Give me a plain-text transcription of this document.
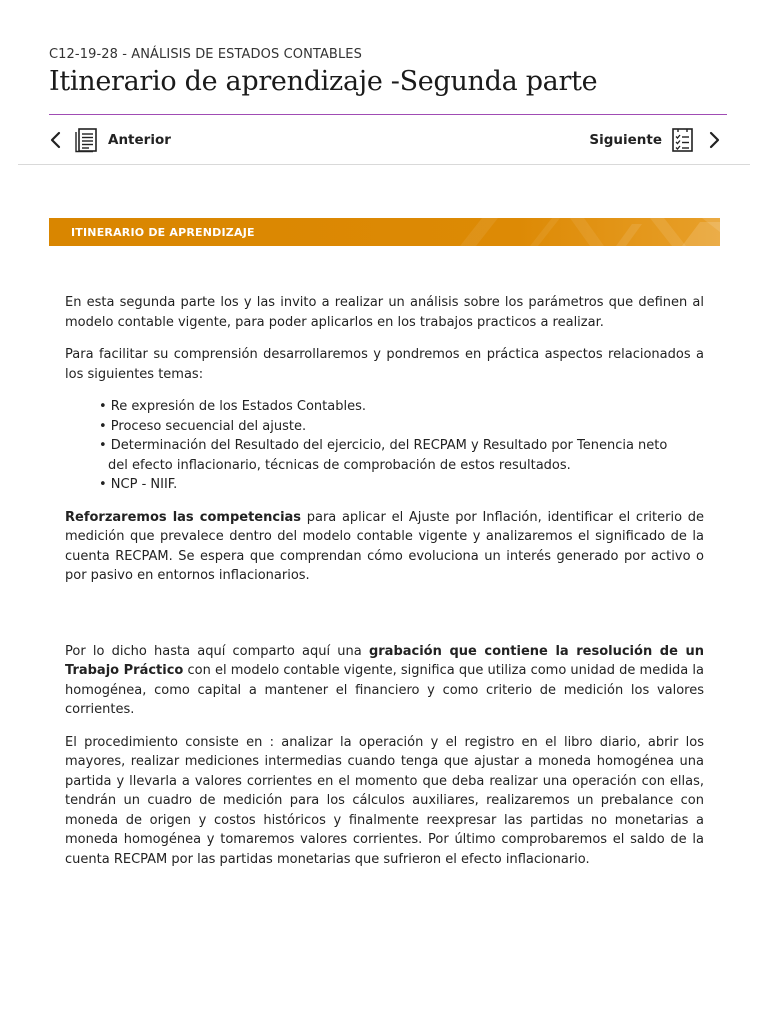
C12-19-28 - ANÁLISIS DE ESTADOS CONTABLES
Itinerario de aprendizaje -Segunda parte
Anterior	Siguiente
ITINERARIO DE APRENDIZAJE

En esta segunda parte los y las invito a realizar un análisis sobre los parámetros que definen al modelo contable vigente, para poder aplicarlos en los trabajos practicos a realizar.

Para facilitar su comprensión desarrollaremos y pondremos en práctica aspectos relacionados a los siguientes temas:

• Re expresión de los Estados Contables.
• Proceso secuencial del ajuste.
• Determinación del Resultado del ejercicio, del RECPAM y Resultado por Tenencia neto
del efecto inflacionario, técnicas de comprobación de estos resultados.
• NCP - NIIF.

Reforzaremos las competencias para aplicar el Ajuste por Inflación, identificar el criterio de medición que prevalece dentro del modelo contable vigente y analizaremos el significado de la cuenta RECPAM. Se espera que comprendan cómo evoluciona un interés generado por activo o por pasivo en entornos inflacionarios.

Por lo dicho hasta aquí comparto aquí una grabación que contiene la resolución de un Trabajo Práctico con el modelo contable vigente, significa que utiliza como unidad de medida la homogénea, como capital a mantener el financiero y como criterio de medición los valores corrientes.

El procedimiento consiste en : analizar la operación y el registro en el libro diario, abrir los mayores, realizar mediciones intermedias cuando tenga que ajustar a moneda homogénea una partida y llevarla a valores corrientes en el momento que deba realizar una operación con ellas, tendrán un cuadro de medición para los cálculos auxiliares, realizaremos un prebalance con moneda de origen y costos históricos y finalmente reexpresar las partidas no monetarias a moneda homogénea y tomaremos valores corrientes. Por último comprobaremos el saldo de la cuenta RECPAM por las partidas monetarias que sufrieron el efecto inflacionario.
